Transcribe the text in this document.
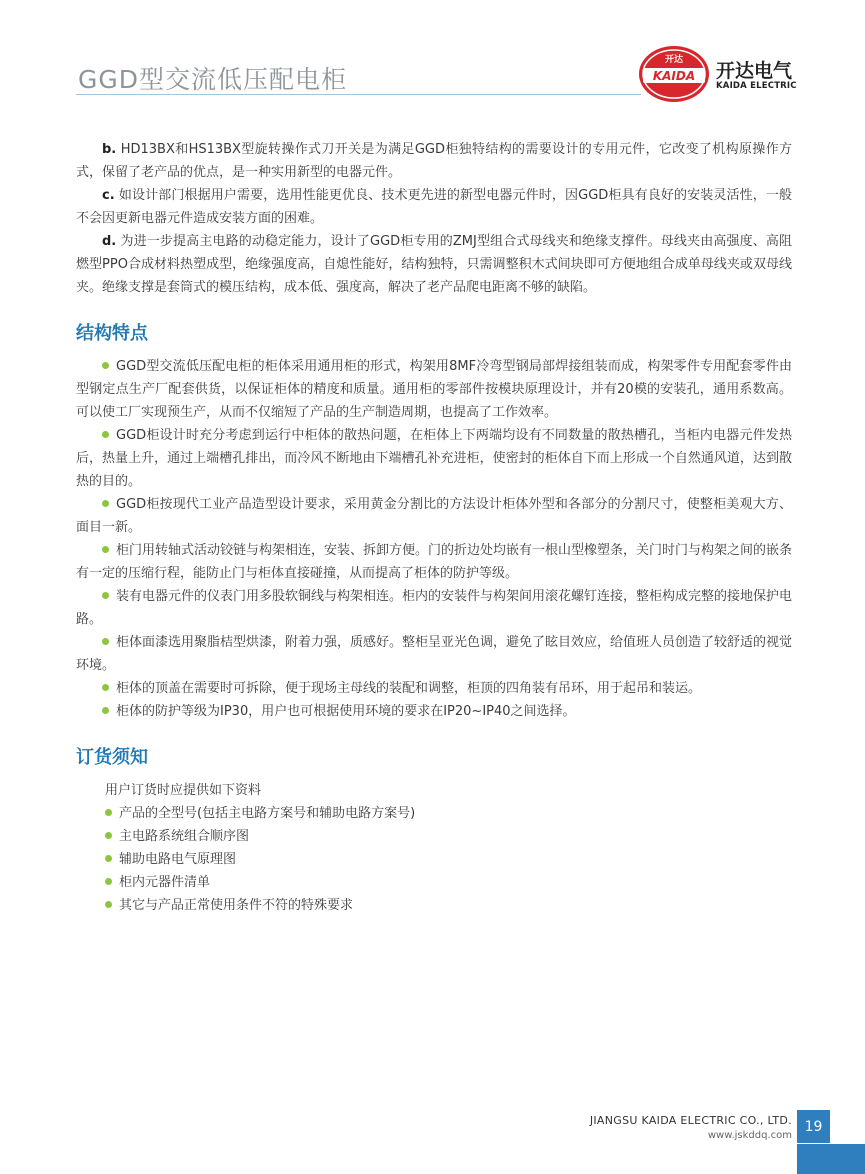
GGD型交流低压配电柜
开达
KAIDA 开达电气
KAIDA ELECTRIC

b. HD13BX和HS13BX型旋转操作式刀开关是为满足GGD柜独特结构的需要设计的专用元件，它改变了机构原操作方式，保留了老产品的优点，是一种实用新型的电器元件。

c. 如设计部门根据用户需要，选用性能更优良、技术更先进的新型电器元件时，因GGD柜具有良好的安装灵活性，一般不会因更新电器元件造成安装方面的困难。

d. 为进一步提高主电路的动稳定能力，设计了GGD柜专用的ZMJ型组合式母线夹和绝缘支撑件。母线夹由高强度、高阻燃型PPO合成材料热塑成型，绝缘强度高，自熄性能好，结构独特，只需调整积木式间块即可方便地组合成单母线夹或双母线夹。绝缘支撑是套筒式的模压结构，成本低、强度高，解决了老产品爬电距离不够的缺陷。

结构特点

GGD型交流低压配电柜的柜体采用通用柜的形式，构架用8MF冷弯型钢局部焊接组装而成，构架零件专用配套零件由型钢定点生产厂配套供货，以保证柜体的精度和质量。通用柜的零部件按模块原理设计，并有20模的安装孔，通用系数高。可以使工厂实现预生产，从而不仅缩短了产品的生产制造周期，也提高了工作效率。

GGD柜设计时充分考虑到运行中柜体的散热问题，在柜体上下两端均设有不同数量的散热槽孔，当柜内电器元件发热后，热量上升，通过上端槽孔排出，而冷风不断地由下端槽孔补充进柜，使密封的柜体自下而上形成一个自然通风道，达到散热的目的。

GGD柜按现代工业产品造型设计要求，采用黄金分割比的方法设计柜体外型和各部分的分割尺寸，使整柜美观大方、面目一新。

柜门用转轴式活动铰链与构架相连，安装、拆卸方便。门的折边处均嵌有一根山型橡塑条，关门时门与构架之间的嵌条有一定的压缩行程，能防止门与柜体直接碰撞，从而提高了柜体的防护等级。

装有电器元件的仪表门用多股软铜线与构架相连。柜内的安装件与构架间用滚花螺钉连接，整柜构成完整的接地保护电路。

柜体面漆选用聚脂桔型烘漆，附着力强，质感好。整柜呈亚光色调，避免了眩目效应，给值班人员创造了较舒适的视觉环境。

柜体的顶盖在需要时可拆除，便于现场主母线的装配和调整，柜顶的四角装有吊环，用于起吊和装运。

柜体的防护等级为IP30，用户也可根据使用环境的要求在IP20~IP40之间选择。

订货须知

用户订货时应提供如下资料

产品的全型号(包括主电路方案号和辅助电路方案号)

主电路系统组合顺序图

辅助电路电气原理图

柜内元器件清单

其它与产品正常使用条件不符的特殊要求

JIANGSU KAIDA ELECTRIC CO., LTD.
www.jskddq.com
19
